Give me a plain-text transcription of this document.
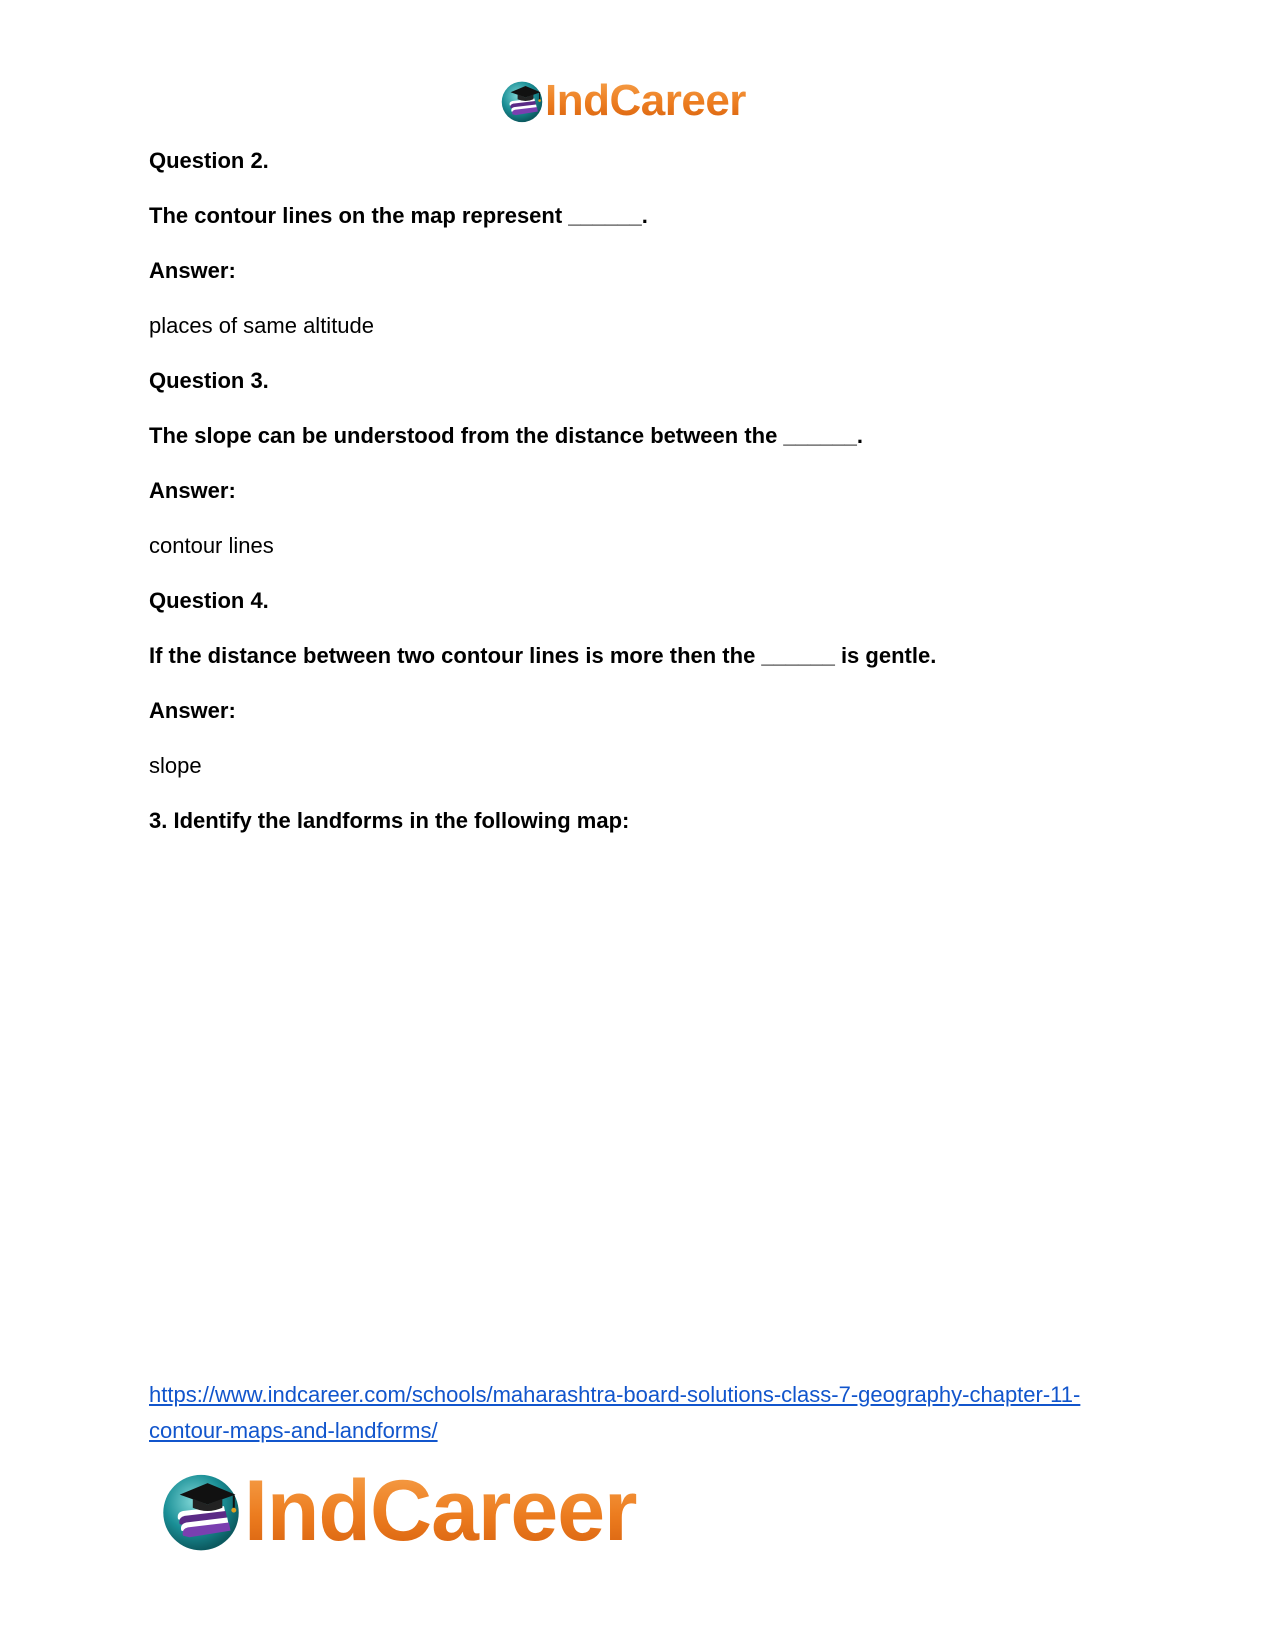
IndCareer
Question 2.
The contour lines on the map represent ______.
Answer:
places of same altitude
Question 3.
The slope can be understood from the distance between the ______.
Answer:
contour lines
Question 4.
If the distance between two contour lines is more then the ______ is gentle.
Answer:
slope
3. Identify the landforms in the following map:
https://www.indcareer.com/schools/maharashtra-board-solutions-class-7-geography-chapter-11-
contour-maps-and-landforms/
IndCareer
